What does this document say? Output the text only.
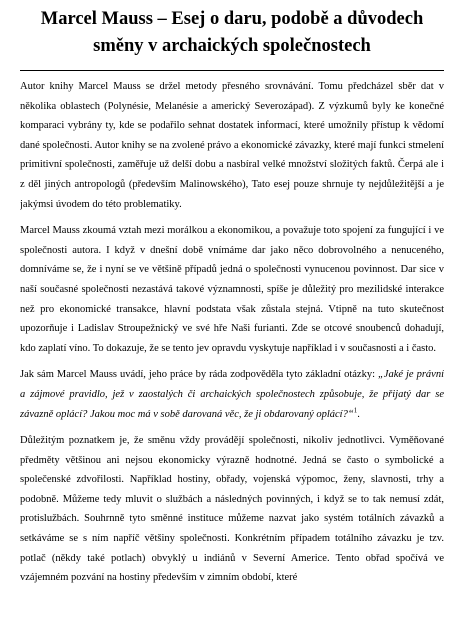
Marcel Mauss – Esej o daru, podobě a důvodech směny v archaických společnostech

Autor knihy Marcel Mauss se držel metody přesného srovnávání. Tomu předcházel sběr dat v několika oblastech (Polynésie, Melanésie a americký Severozápad). Z výzkumů byly ke konečné komparaci vybrány ty, kde se podařilo sehnat dostatek informací, které umožnily přístup k vědomí dané společnosti. Autor knihy se na zvolené právo a ekonomické závazky, které mají funkci stmelení primitivní společnosti, zaměřuje už delší dobu a nasbíral velké množství složitých faktů. Čerpá ale i z děl jiných antropologů (především Malinowského), Tato esej pouze shrnuje ty nejdůležitější a je jakýmsi úvodem do této problematiky.

Marcel Mauss zkoumá vztah mezi morálkou a ekonomikou, a považuje toto spojení za fungující i ve společnosti autora. I když v dnešní době vnímáme dar jako něco dobrovolného a nenuceného, domníváme se, že i nyní se ve většině případů jedná o společnosti vynucenou povinnost. Dar sice v naší současné společnosti nezastává takové významnosti, spíše je důležitý pro mezilidské interakce než pro ekonomické transakce, hlavní podstata však zůstala stejná. Vtipně na tuto skutečnost upozorňuje i Ladislav Stroupežnický ve své hře Naši furianti. Zde se otcové snoubenců dohadují, kdo zaplatí víno. To dokazuje, že se tento jev opravdu vyskytuje například i v současnosti a i často.

Jak sám Marcel Mauss uvádí, jeho práce by ráda zodpověděla tyto základní otázky: „Jaké je právní a zájmové pravidlo, jež v zaostalých či archaických společnostech způsobuje, že přijatý dar se závazně oplácí? Jakou moc má v sobě darovaná věc, že ji obdarovaný oplácí?“$^1$.

Důležitým poznatkem je, že směnu vždy provádějí společnosti, nikoliv jednotlivci. Vyměňované předměty většinou ani nejsou ekonomicky výrazně hodnotné. Jedná se často o symbolické a společenské zdvořilosti. Například hostiny, obřady, vojenská výpomoc, ženy, slavnosti, trhy a podobně. Můžeme tedy mluvit o službách a následných povinných, i když se to tak nemusí zdát, protislužbách. Souhrnně tyto směnné instituce můžeme nazvat jako systém totálních závazků a setkáváme se s ním napříč většiny společnosti. Konkrétním případem totálního závazku je tzv. potlač (někdy také potlach) obvyklý u indiánů v Severní Americe. Tento obřad spočívá ve vzájemném pozvání na hostiny především v zimním období, které
